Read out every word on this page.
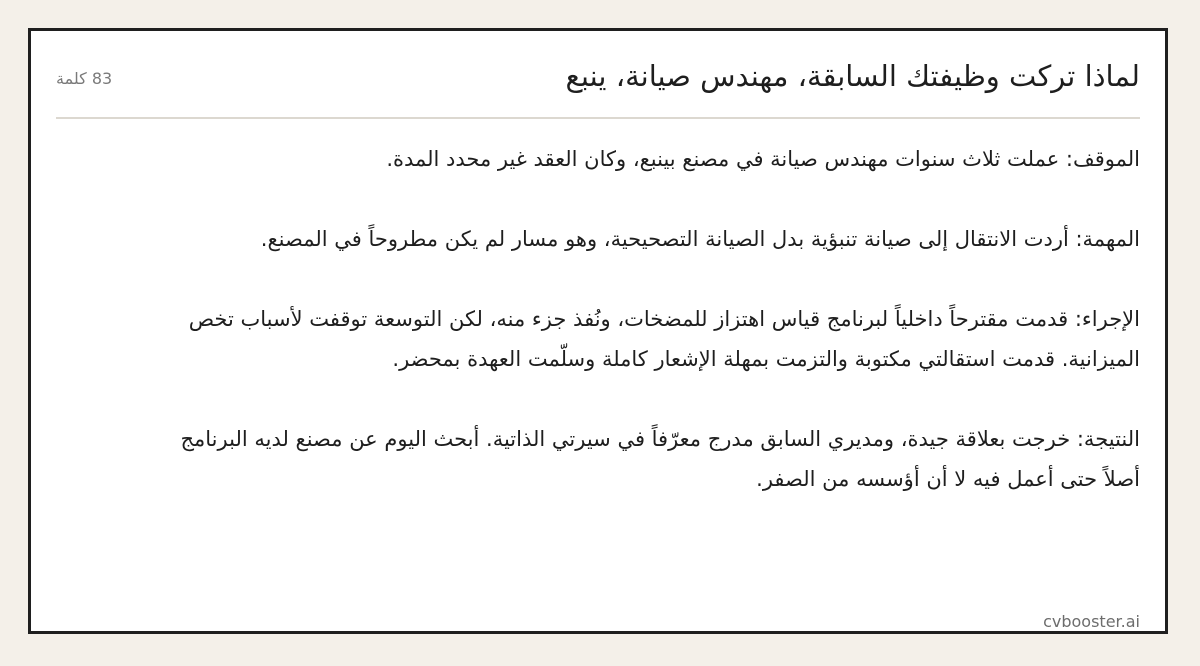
لماذا تركت وظيفتك السابقة، مهندس صيانة، ينبع
83 كلمة

الموقف: عملت ثلاث سنوات مهندس صيانة في مصنع بينبع، وكان العقد غير محدد المدة.

المهمة: أردت الانتقال إلى صيانة تنبؤية بدل الصيانة التصحيحية، وهو مسار لم يكن مطروحاً في المصنع.

الإجراء: قدمت مقترحاً داخلياً لبرنامج قياس اهتزاز للمضخات، ونُفذ جزء منه، لكن التوسعة توقفت لأسباب تخص الميزانية. قدمت استقالتي مكتوبة والتزمت بمهلة الإشعار كاملة وسلّمت العهدة بمحضر.

النتيجة: خرجت بعلاقة جيدة، ومديري السابق مدرج معرّفاً في سيرتي الذاتية. أبحث اليوم عن مصنع لديه البرنامج أصلاً حتى أعمل فيه لا أن أؤسسه من الصفر.

cvbooster.ai
